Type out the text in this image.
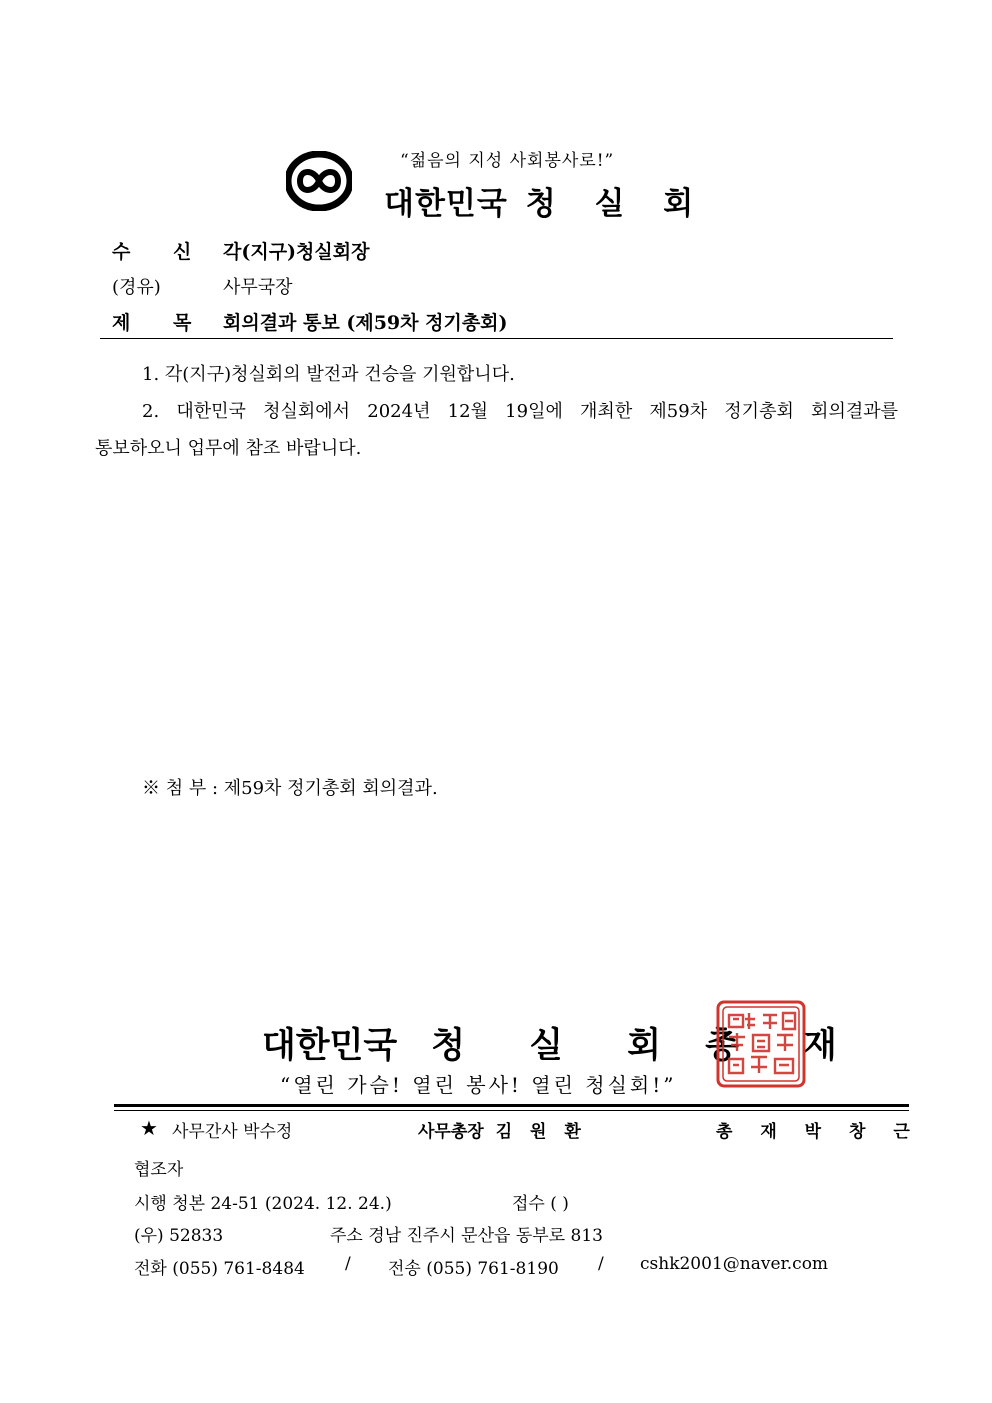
“젊음의 지성 사회봉사로!”
대한민국 청 실 회
수 신 각(지구)청실회장
(경유)	사무국장
제 목 회의결과 통보 (제59차 정기총회)
1. 각(지구)청실회의 발전과 건승을 기원합니다.
2. 대한민국 청실회에서 2024년 12월 19일에 개최한 제59차 정기총회 회의결과를
통보하오니 업무에 참조 바랍니다.
※ 첨 부 : 제59차 정기총회 회의결과.
대한민국 청 실 회 총 재
“열린 가슴! 열린 봉사! 열린 청실회!”
★ 사무간사 박수정	사무총장 김 원 환	총 재 박 창 근
협조자
시행 청본 24-51 (2024. 12. 24.)	접수 ( )
(우) 52833	주소 경남 진주시 문산읍 동부로 813
전화 (055) 761-8484 / 전송 (055) 761-8190 / cshk2001@naver.com
